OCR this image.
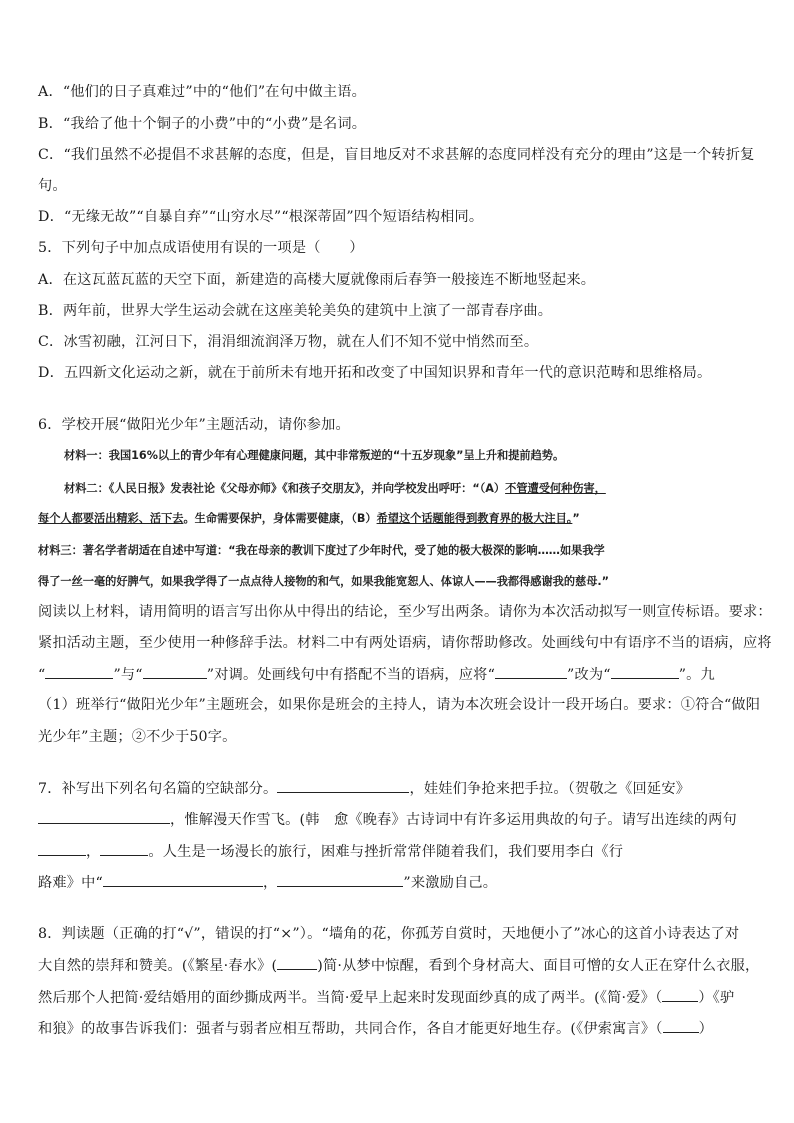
A．“他们的日子真难过”中的“他们”在句中做主语。
B．“我给了他十个铜子的小费”中的“小费”是名词。
C．“我们虽然不必提倡不求甚解的态度，但是，盲目地反对不求甚解的态度同样没有充分的理由”这是一个转折复
句。
D．“无缘无故”“自暴自弃”“山穷水尽”“根深蒂固”四个短语结构相同。
5．下列句子中加点成语使用有误的一项是（　　）
A．在这瓦蓝瓦蓝的天空下面，新建造的高楼大厦就像雨后春笋一般接连不断地竖起来。
B．两年前，世界大学生运动会就在这座美轮美奂的建筑中上演了一部青春序曲。
C．冰雪初融，江河日下，涓涓细流润泽万物，就在人们不知不觉中悄然而至。
D．五四新文化运动之新，就在于前所未有地开拓和改变了中国知识界和青年一代的意识范畴和思维格局。
6．学校开展“做阳光少年”主题活动，请你参加。
材料一：我国16%以上的青少年有心理健康问题，其中非常叛逆的“十五岁现象”呈上升和提前趋势。
材料二：《人民日报》发表社论《父母亦师》《和孩子交朋友》，并向学校发出呼吁：“（A）不管遭受何种伤害，
每个人都要活出精彩、活下去。生命需要保护，身体需要健康，（B）希望这个话题能得到教育界的极大注目。”
材料三：著名学者胡适在自述中写道：“我在母亲的教训下度过了少年时代，受了她的极大极深的影响……如果我学
得了一丝一毫的好脾气，如果我学得了一点点待人接物的和气，如果我能宽恕人、体谅人——我都得感谢我的慈母.”
阅读以上材料，请用简明的语言写出你从中得出的结论，至少写出两条。请你为本次活动拟写一则宣传标语。要求：
紧扣活动主题，至少使用一种修辞手法。材料二中有两处语病，请你帮助修改。处画线句中有语序不当的语病，应将
“	”与“	”对调。处画线句中有搭配不当的语病，应将“	”改为“	”。九
（1）班举行“做阳光少年”主题班会，如果你是班会的主持人，请为本次班会设计一段开场白。要求：①符合“做阳
光少年”主题；②不少于50字。
7．补写出下列名句名篇的空缺部分。	，娃娃们争抢来把手拉。（贺敬之《回延安》
，惟解漫天作雪飞。(韩　愈《晚春》古诗词中有许多运用典故的句子。请写出连续的两句
，	。人生是一场漫长的旅行，困难与挫折常常伴随着我们，我们要用李白《行
路难》中“	，	”来激励自己。
8．判读题（正确的打“√”，错误的打“×”）。“墙角的花，你孤芳自赏时，天地便小了”冰心的这首小诗表达了对
大自然的崇拜和赞美。(《繁星·春水》(	)简·从梦中惊醒，看到个身材高大、面目可憎的女人正在穿什么衣服，
然后那个人把简·爱结婚用的面纱撕成两半。当简·爱早上起来时发现面纱真的成了两半。(《简·爱》（	）《驴
和狼》的故事告诉我们：强者与弱者应相互帮助，共同合作，各自才能更好地生存。(《伊索寓言》（	）
